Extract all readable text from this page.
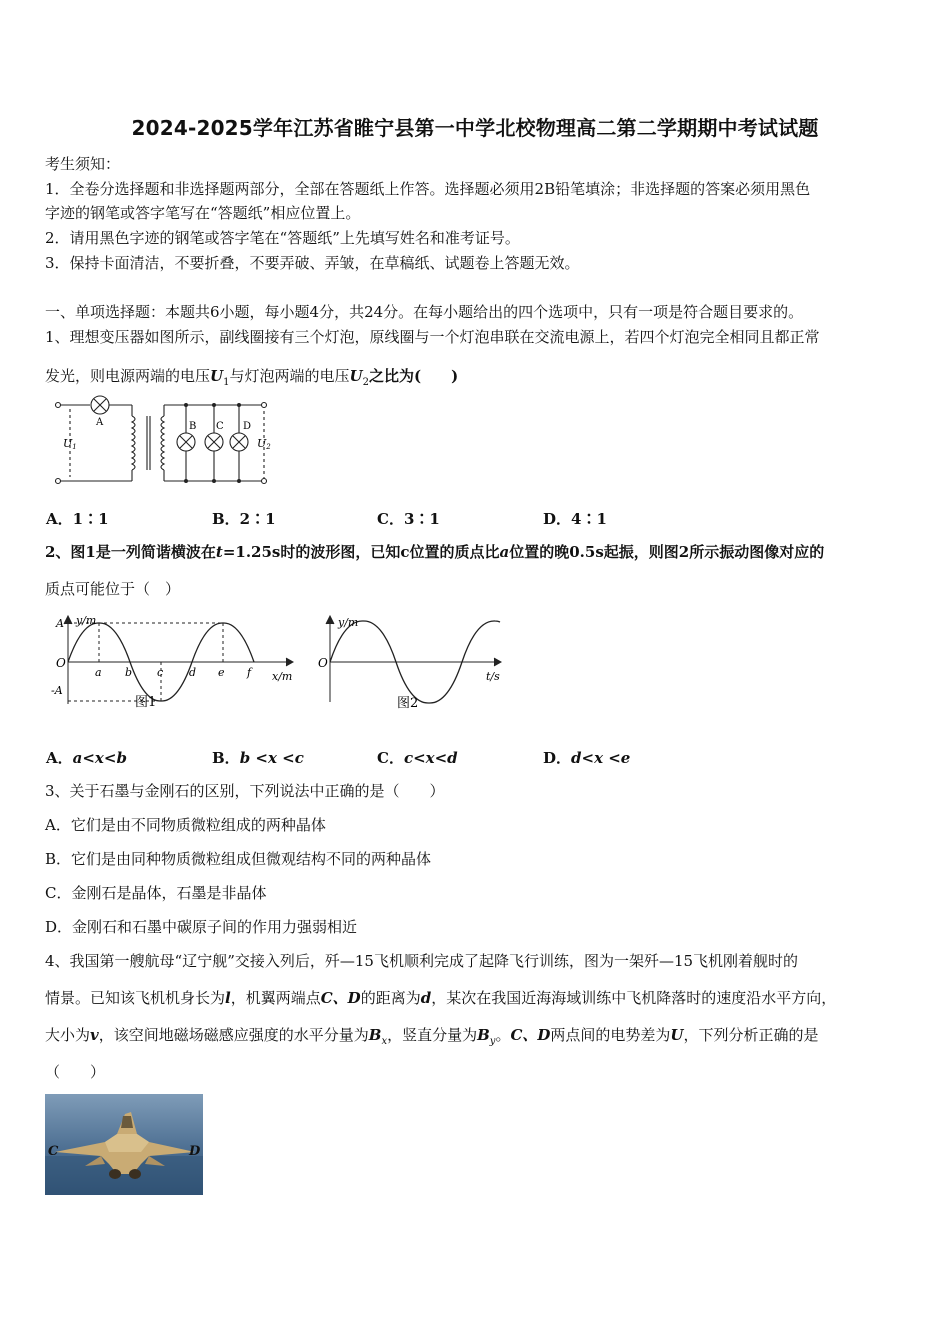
2024-2025学年江苏省睢宁县第一中学北校物理高二第二学期期中考试试题
考生须知：
1．全卷分选择题和非选择题两部分，全部在答题纸上作答。选择题必须用2B铅笔填涂；非选择题的答案必须用黑色
字迹的钢笔或答字笔写在“答题纸”相应位置上。
2．请用黑色字迹的钢笔或答字笔在“答题纸”上先填写姓名和准考证号。
3．保持卡面清洁，不要折叠，不要弄破、弄皱，在草稿纸、试题卷上答题无效。
一、单项选择题：本题共6小题，每小题4分，共24分。在每小题给出的四个选项中，只有一项是符合题目要求的。
1、理想变压器如图所示，副线圈接有三个灯泡，原线圈与一个灯泡串联在交流电源上，若四个灯泡完全相同且都正常
发光，则电源两端的电压$U_1$与灯泡两端的电压$U_2$之比为(　　)
A	B C D
U1	U2
A．1∶1	B．2∶1	C．3∶1	D．4∶1
2、图1是一列简谐横波在t=1.25s时的波形图，已知c位置的质点比a位置的晚0.5s起振，则图2所示振动图像对应的
质点可能位于（　）
y/m
A
-A
O
a b c d e f x/m
图1
y/m
O
t/s
图2
A．a<x<b	B．b <x <c	C．c<x<d	D．d<x <e
3、关于石墨与金刚石的区别，下列说法中正确的是（　　）
A．它们是由不同物质微粒组成的两种晶体
B．它们是由同种物质微粒组成但微观结构不同的两种晶体
C．金刚石是晶体，石墨是非晶体
D．金刚石和石墨中碳原子间的作用力强弱相近
4、我国第一艘航母“辽宁舰”交接入列后，歼—15飞机顺利完成了起降飞行训练，图为一架歼—15飞机刚着舰时的
情景。已知该飞机机身长为l，机翼两端点C、D的距离为d，某次在我国近海海域训练中飞机降落时的速度沿水平方向，
大小为v，该空间地磁场磁感应强度的水平分量为$B_x$，竖直分量为$B_y$。C、D两点间的电势差为U，下列分析正确的是
（　　）
C	D
